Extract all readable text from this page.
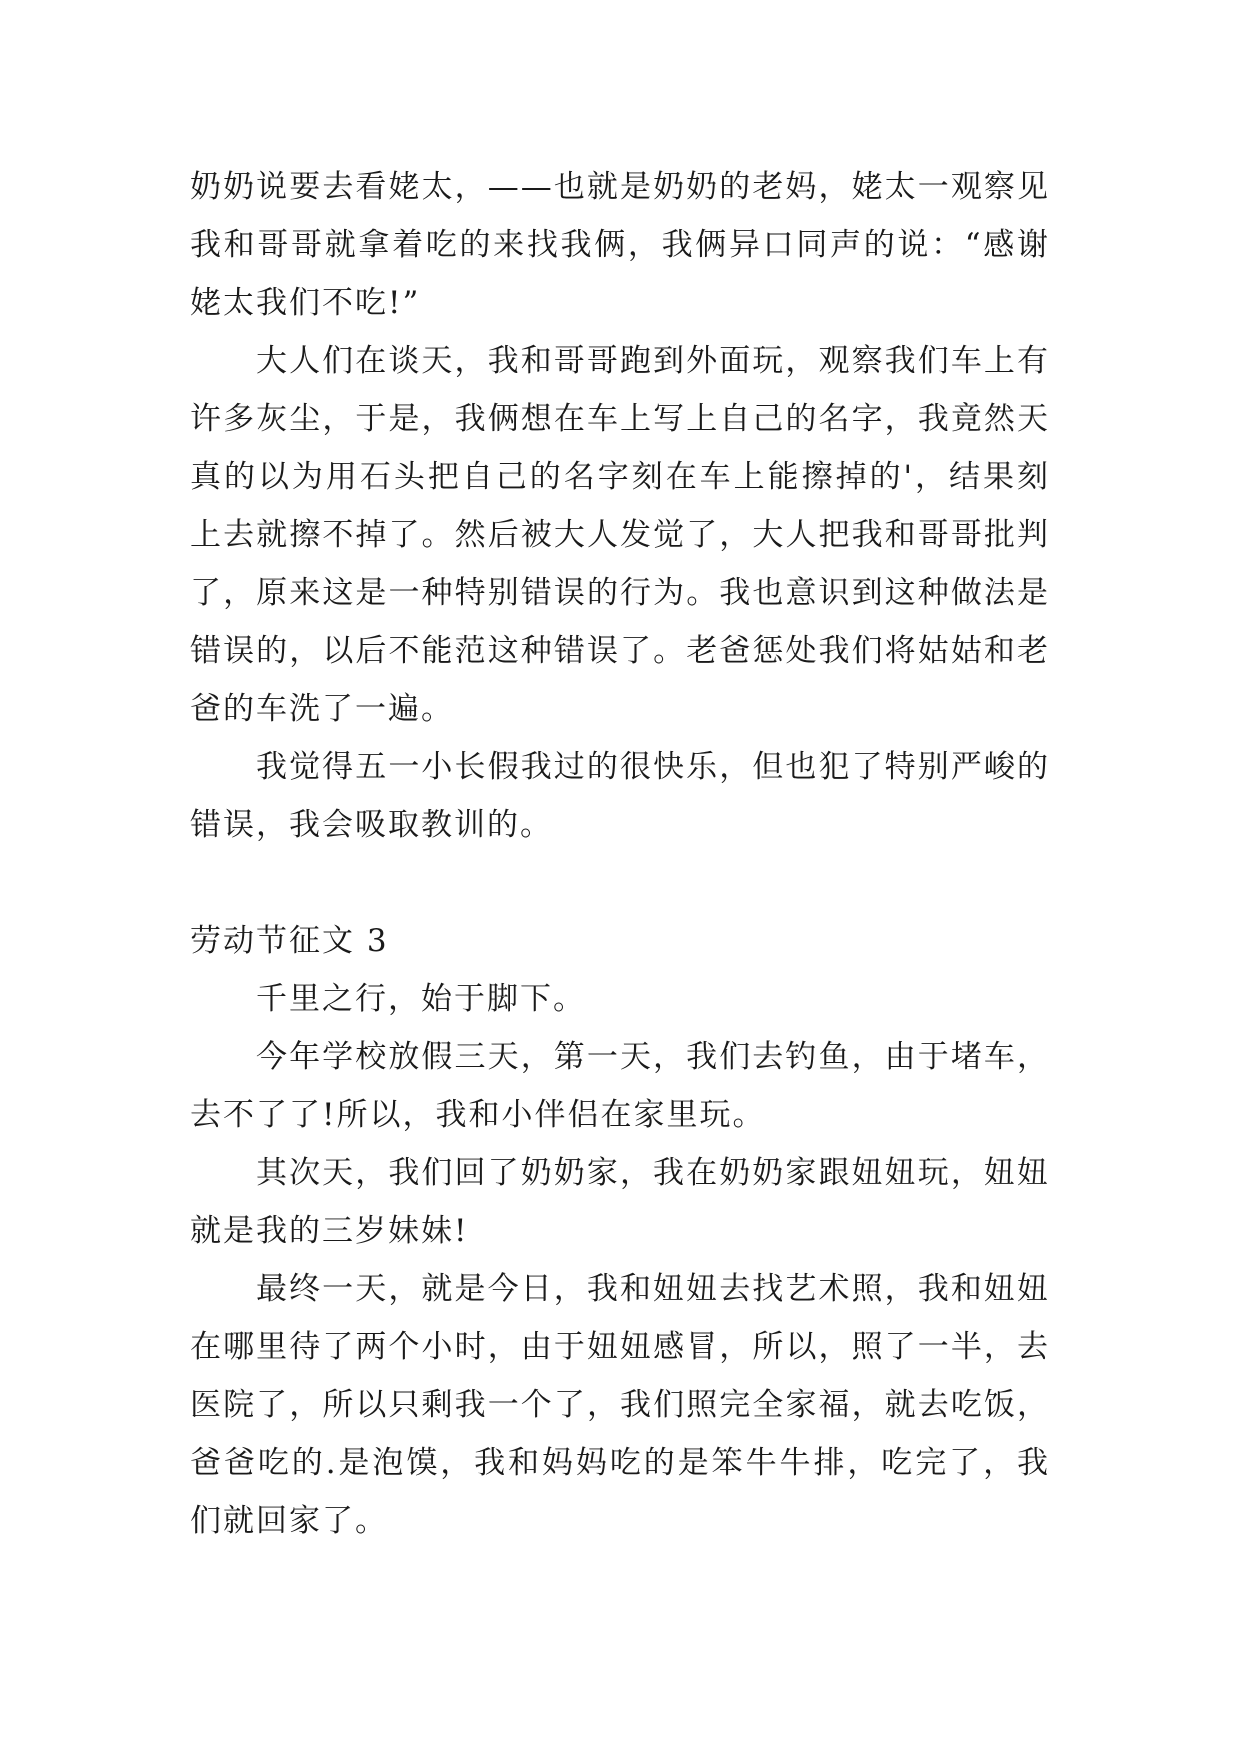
奶奶说要去看姥太，——也就是奶奶的老妈，姥太一观察见我和哥哥就拿着吃的来找我俩，我俩异口同声的说：“感谢姥太我们不吃!”

大人们在谈天，我和哥哥跑到外面玩，观察我们车上有许多灰尘，于是，我俩想在车上写上自己的名字，我竟然天真的以为用石头把自己的名字刻在车上能擦掉的'，结果刻上去就擦不掉了。然后被大人发觉了，大人把我和哥哥批判了，原来这是一种特别错误的行为。我也意识到这种做法是错误的，以后不能范这种错误了。老爸惩处我们将姑姑和老爸的车洗了一遍。

我觉得五一小长假我过的很快乐，但也犯了特别严峻的错误，我会吸取教训的。

劳动节征文 3

千里之行，始于脚下。

今年学校放假三天，第一天，我们去钓鱼，由于堵车，去不了了!所以，我和小伴侣在家里玩。

其次天，我们回了奶奶家，我在奶奶家跟妞妞玩，妞妞就是我的三岁妹妹!

最终一天，就是今日，我和妞妞去找艺术照，我和妞妞在哪里待了两个小时，由于妞妞感冒，所以，照了一半，去医院了，所以只剩我一个了，我们照完全家福，就去吃饭，爸爸吃的.是泡馍，我和妈妈吃的是笨牛牛排，吃完了，我们就回家了。
